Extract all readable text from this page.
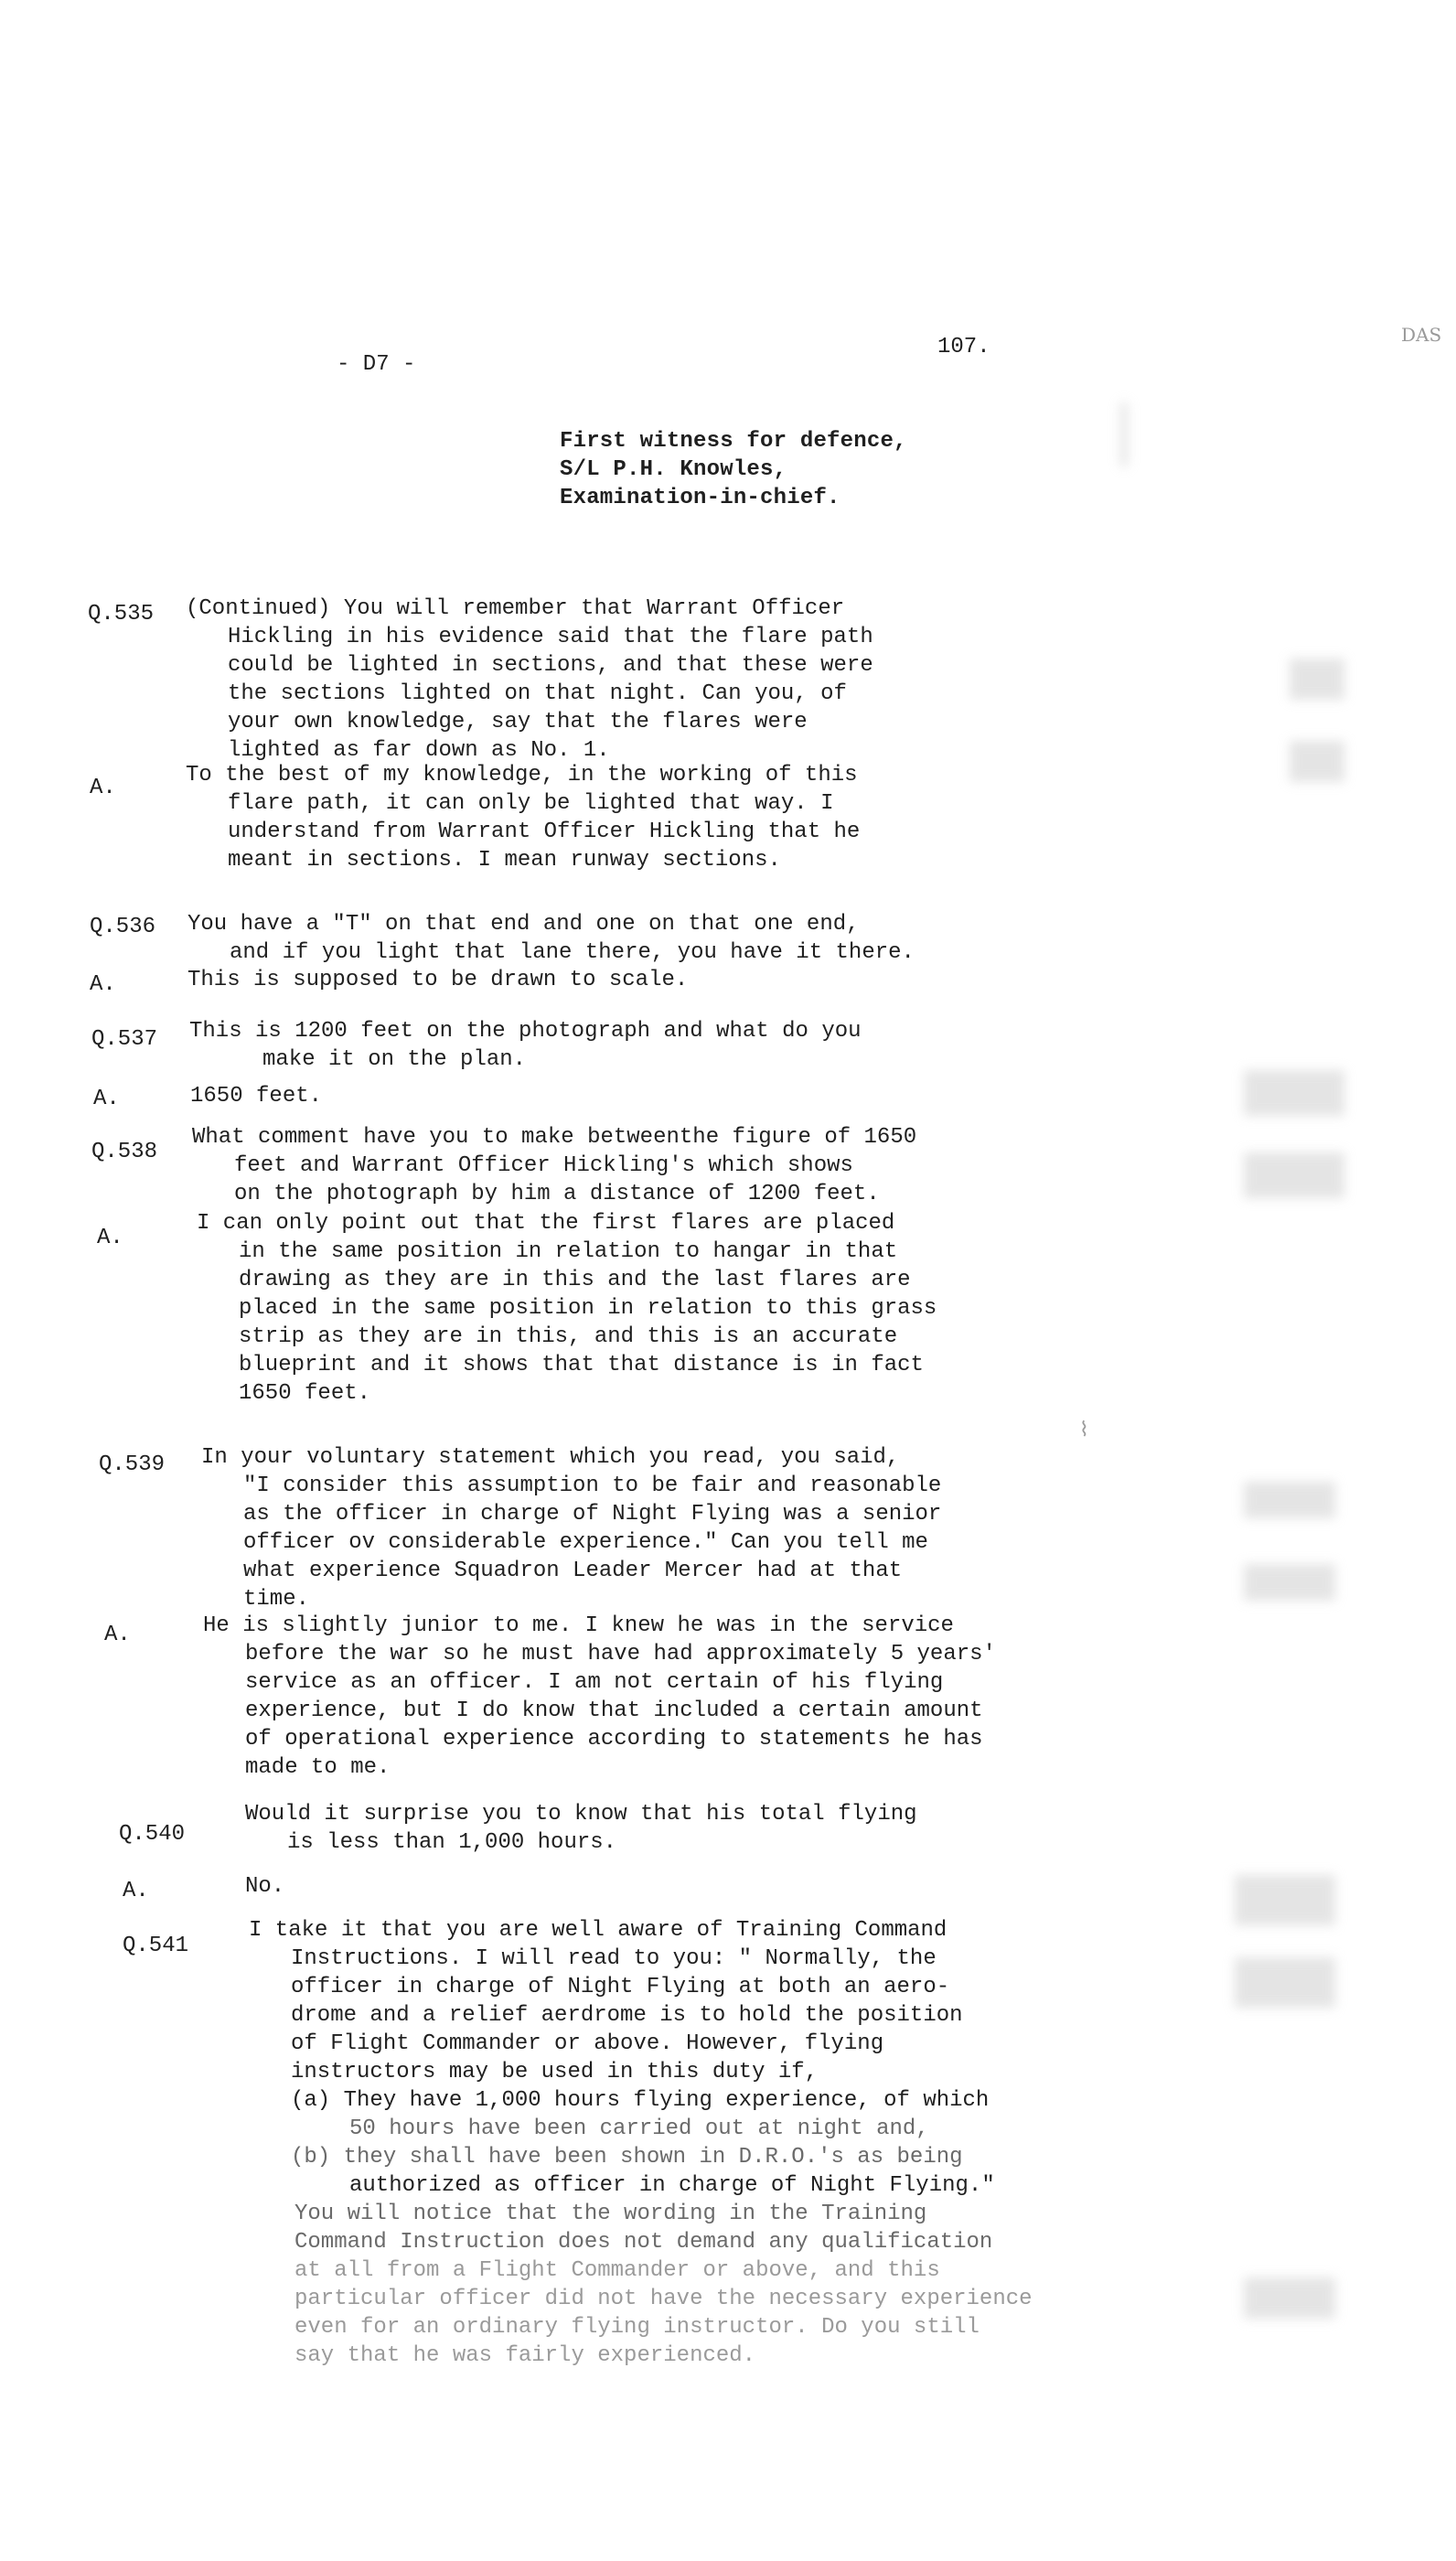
- D7 -
107.	DAS
First witness for defence,
S/L P.H. Knowles,
Examination-in-chief.
Q.535 (Continued) You will remember that Warrant Officer
Hickling in his evidence said that the flare path
could be lighted in sections, and that these were
the sections lighted on that night. Can you, of
your own knowledge, say that the flares were
lighted as far down as No. 1.
A.
To the best of my knowledge, in the working of this
flare path, it can only be lighted that way. I
understand from Warrant Officer Hickling that he
meant in sections. I mean runway sections.
Q.536 You have a "T" on that end and one on that one end,
and if you light that lane there, you have it there.
A.	This is supposed to be drawn to scale.
Q.537 This is 1200 feet on the photograph and what do you
make it on the plan.
A.	1650 feet.
Q.538
What comment have you to make betweenthe figure of 1650
feet and Warrant Officer Hickling's which shows
on the photograph by him a distance of 1200 feet.
A.
I can only point out that the first flares are placed
in the same position in relation to hangar in that
drawing as they are in this and the last flares are
placed in the same position in relation to this grass
strip as they are in this, and this is an accurate
blueprint and it shows that that distance is in fact
1650 feet.
Q.539 In your voluntary statement which you read, you said,
"I consider this assumption to be fair and reasonable
as the officer in charge of Night Flying was a senior
officer ov considerable experience." Can you tell me
what experience Squadron Leader Mercer had at that
time.
A.	He is slightly junior to me. I knew he was in the service
before the war so he must have had approximately 5 years'
service as an officer. I am not certain of his flying
experience, but I do know that included a certain amount
of operational experience according to statements he has
made to me.
Q.540
Would it surprise you to know that his total flying
is less than 1,000 hours.
A.	No.
Q.541
I take it that you are well aware of Training Command
Instructions. I will read to you: " Normally, the
officer in charge of Night Flying at both an aero-
drome and a relief aerdrome is to hold the position
of Flight Commander or above. However, flying
instructors may be used in this duty if,
(a) They have 1,000 hours flying experience, of which
50 hours have been carried out at night and,
(b) they shall have been shown in D.R.O.'s as being
authorized as officer in charge of Night Flying."
You will notice that the wording in the Training
Command Instruction does not demand any qualification
at all from a Flight Commander or above, and this
particular officer did not have the necessary experience
even for an ordinary flying instructor. Do you still
say that he was fairly experienced.
⌇
